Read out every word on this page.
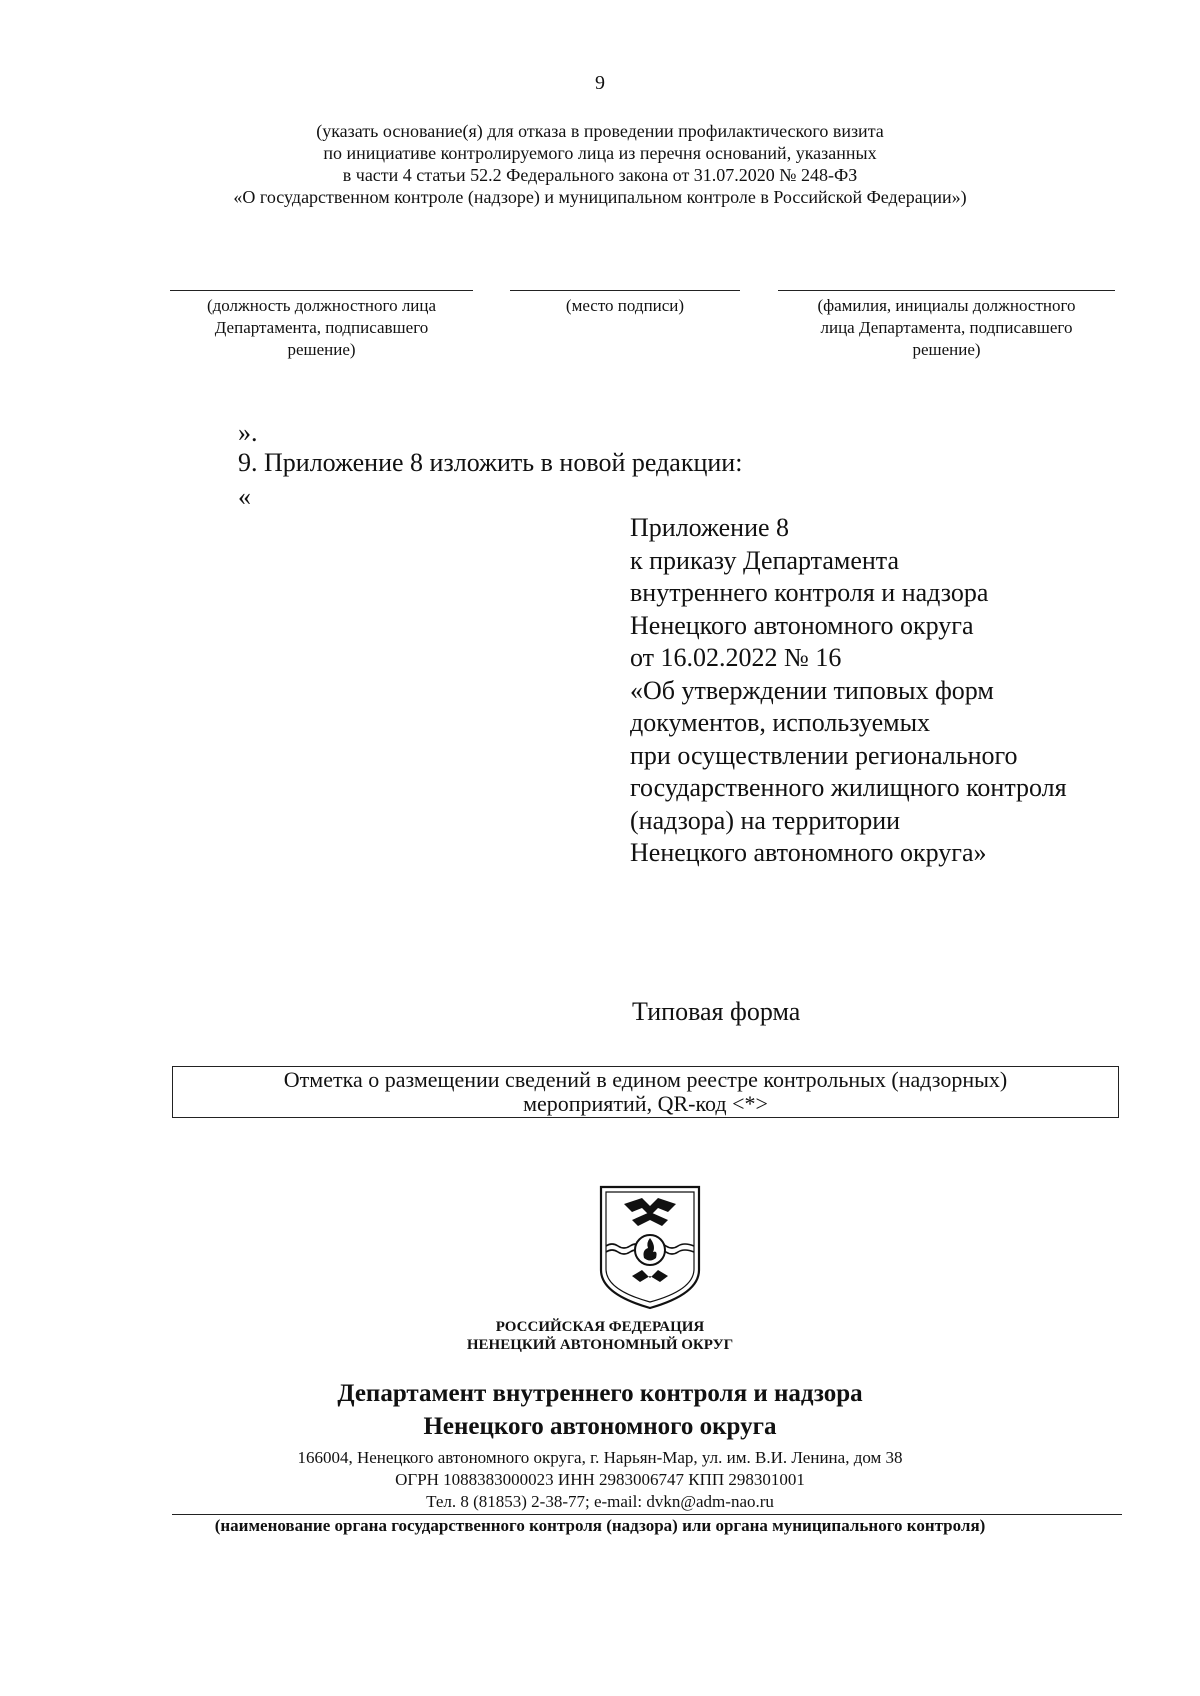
9
(указать основание(я) для отказа в проведении профилактического визита
по инициативе контролируемого лица из перечня оснований, указанных
в части 4 статьи 52.2 Федерального закона от 31.07.2020 № 248-ФЗ
«О государственном контроле (надзоре) и муниципальном контроле в Российской Федерации»)
(должность должностного лица
Департамента, подписавшего
решение)
(место подписи)	(фамилия, инициалы должностного
лица Департамента, подписавшего
решение)
».
9. Приложение 8 изложить в новой редакции:
«
Приложение 8
к приказу Департамента
внутреннего контроля и надзора
Ненецкого автономного округа
от 16.02.2022 № 16
«Об утверждении типовых форм
документов, используемых
при осуществлении регионального
государственного жилищного контроля
(надзора) на территории
Ненецкого автономного округа»
Типовая форма
Отметка о размещении сведений в едином реестре контрольных (надзорных)
мероприятий, QR-код <*>
РОССИЙСКАЯ ФЕДЕРАЦИЯ
НЕНЕЦКИЙ АВТОНОМНЫЙ ОКРУГ
Департамент внутреннего контроля и надзора
Ненецкого автономного округа
166004, Ненецкого автономного округа, г. Нарьян-Мар, ул. им. В.И. Ленина, дом 38
ОГРН 1088383000023 ИНН 2983006747 КПП 298301001
Тел. 8 (81853) 2-38-77; e-mail: dvkn@adm-nao.ru
(наименование органа государственного контроля (надзора) или органа муниципального контроля)
